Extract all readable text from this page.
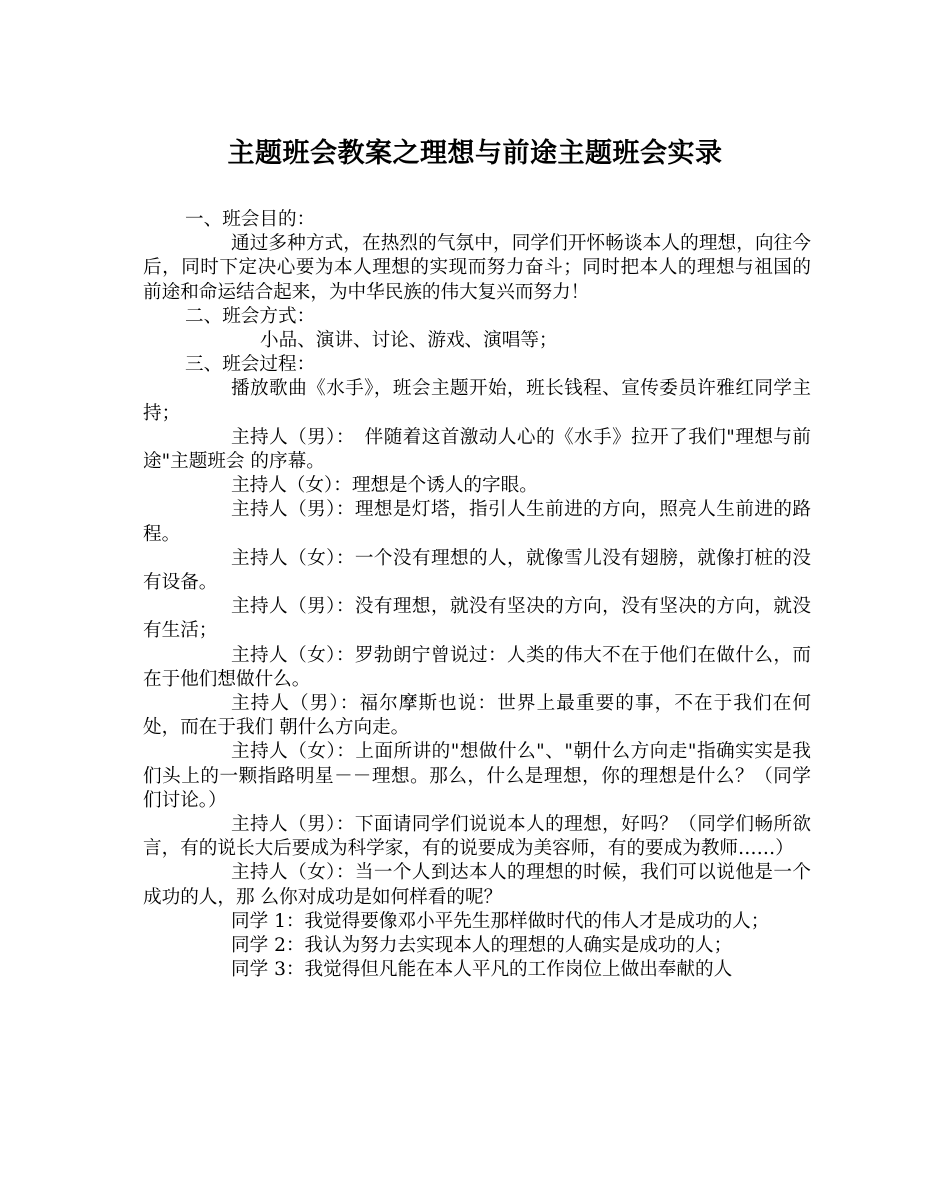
主题班会教案之理想与前途主题班会实录

一、班会目的：

通过多种方式，在热烈的气氛中，同学们开怀畅谈本人的理想，向往今后，同时下定决心要为本人理想的实现而努力奋斗；同时把本人的理想与祖国的前途和命运结合起来，为中华民族的伟大复兴而努力！

二、班会方式：

小品、演讲、讨论、游戏、演唱等；

三、班会过程：

播放歌曲《水手》，班会主题开始，班长钱程、宣传委员许雅红同学主持；

主持人（男）：　伴随着这首激动人心的《水手》拉开了我们"理想与前途"主题班会 的序幕。

主持人（女）：理想是个诱人的字眼。

主持人（男）：理想是灯塔，指引人生前进的方向，照亮人生前进的路程。

主持人（女）：一个没有理想的人，就像雪儿没有翅膀，就像打桩的没有设备。

主持人（男）：没有理想，就没有坚决的方向，没有坚决的方向，就没有生活；

主持人（女）：罗勃朗宁曾说过：人类的伟大不在于他们在做什么，而在于他们想做什么。

主持人（男）：福尔摩斯也说：世界上最重要的事，不在于我们在何处，而在于我们 朝什么方向走。

主持人（女）：上面所讲的"想做什么"、"朝什么方向走"指确实实是我们头上的一颗指路明星－－理想。那么，什么是理想，你的理想是什么？（同学们讨论。）

主持人（男）：下面请同学们说说本人的理想，好吗？（同学们畅所欲言，有的说长大后要成为科学家，有的说要成为美容师，有的要成为教师……）

主持人（女）：当一个人到达本人的理想的时候，我们可以说他是一个成功的人，那 么你对成功是如何样看的呢？

同学 1：我觉得要像邓小平先生那样做时代的伟人才是成功的人；

同学 2：我认为努力去实现本人的理想的人确实是成功的人；

同学 3：我觉得但凡能在本人平凡的工作岗位上做出奉献的人
